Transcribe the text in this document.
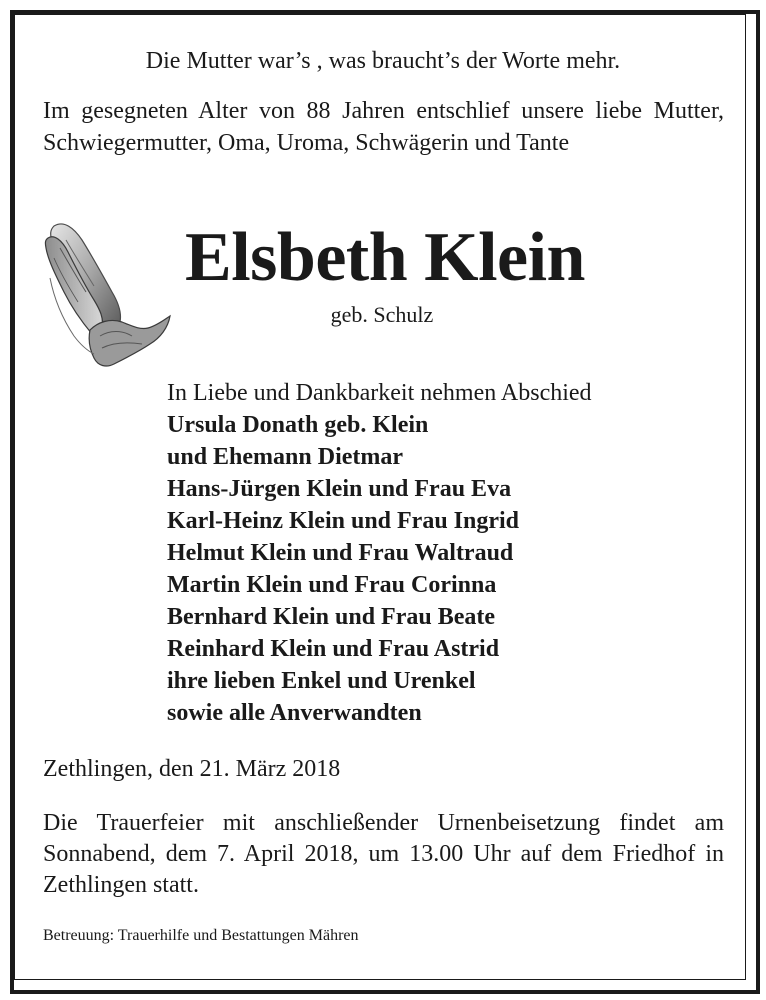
Die Mutter war’s , was braucht’s der Worte mehr.

Im gesegneten Alter von 88 Jahren entschlief unsere liebe Mutter, Schwiegermutter, Oma, Uroma, Schwägerin und Tante

Elsbeth Klein
geb. Schulz
In Liebe und Dankbarkeit nehmen Abschied
Ursula Donath geb. Klein
und Ehemann Dietmar
Hans-Jürgen Klein und Frau Eva
Karl-Heinz Klein und Frau Ingrid
Helmut Klein und Frau Waltraud
Martin Klein und Frau Corinna
Bernhard Klein und Frau Beate
Reinhard Klein und Frau Astrid
ihre lieben Enkel und Urenkel
sowie alle Anverwandten
Zethlingen, den 21. März 2018

Die Trauerfeier mit anschließender Urnenbeisetzung findet am Sonnabend, dem 7. April 2018, um 13.00 Uhr auf dem Friedhof in Zethlingen statt.

Betreuung: Trauerhilfe und Bestattungen Mähren
